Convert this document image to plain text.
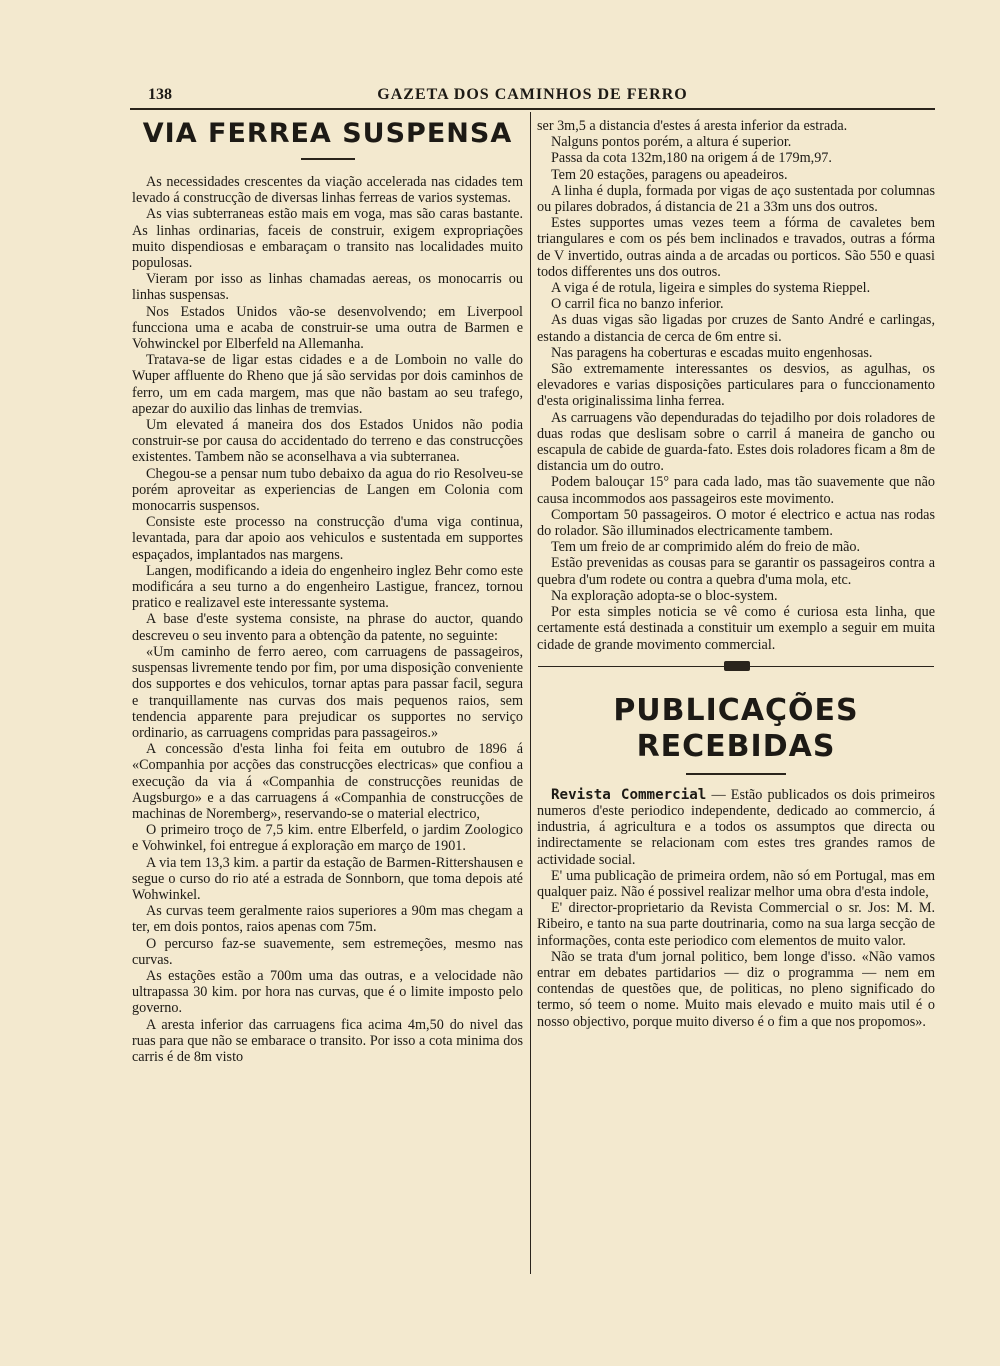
138	GAZETA DOS CAMINHOS DE FERRO
VIA FERREA SUSPENSA

As necessidades crescentes da viação accelerada nas cidades tem levado á construcção de diversas linhas ferreas de varios systemas.

As vias subterraneas estão mais em voga, mas são caras bastante. As linhas ordinarias, faceis de construir, exigem expropriações muito dispendiosas e embaraçam o transito nas localidades muito populosas.

Vieram por isso as linhas chamadas aereas, os monocarris ou linhas suspensas.

Nos Estados Unidos vão-se desenvolvendo; em Liverpool funcciona uma e acaba de construir-se uma outra de Barmen e Vohwinckel por Elberfeld na Allemanha.

Tratava-se de ligar estas cidades e a de Lomboin no valle do Wuper affluente do Rheno que já são servidas por dois caminhos de ferro, um em cada margem, mas que não bastam ao seu trafego, apezar do auxilio das linhas de tremvias.

Um elevated á maneira dos dos Estados Unidos não podia construir-se por causa do accidentado do terreno e das construcções existentes. Tambem não se aconselhava a via subterranea.

Chegou-se a pensar num tubo debaixo da agua do rio Resolveu-se porém aproveitar as experiencias de Langen em Colonia com monocarris suspensos.

Consiste este processo na construcção d'uma viga continua, levantada, para dar apoio aos vehiculos e sustentada em supportes espaçados, implantados nas margens.

Langen, modificando a ideia do engenheiro inglez Behr como este modificára a seu turno a do engenheiro Lastigue, francez, tornou pratico e realizavel este interessante systema.

A base d'este systema consiste, na phrase do auctor, quando descreveu o seu invento para a obtenção da patente, no seguinte:

«Um caminho de ferro aereo, com carruagens de passageiros, suspensas livremente tendo por fim, por uma disposição conveniente dos supportes e dos vehiculos, tornar aptas para passar facil, segura e tranquillamente nas curvas dos mais pequenos raios, sem tendencia apparente para prejudicar os supportes no serviço ordinario, as carruagens compridas para passageiros.»

A concessão d'esta linha foi feita em outubro de 1896 á «Companhia por acções das construcções electricas» que confiou a execução da via á «Companhia de construcções reunidas de Augsburgo» e a das carruagens á «Companhia de construcções de machinas de Noremberg», reservando-se o material electrico,

O primeiro troço de 7,5 kim. entre Elberfeld, o jardim Zoologico e Vohwinkel, foi entregue á exploração em março de 1901.

A via tem 13,3 kim. a partir da estação de Barmen-Rittershausen e segue o curso do rio até a estrada de Sonnborn, que toma depois até Wohwinkel.

As curvas teem geralmente raios superiores a 90m mas chegam a ter, em dois pontos, raios apenas com 75m.

O percurso faz-se suavemente, sem estremeções, mesmo nas curvas.

As estações estão a 700m uma das outras, e a velocidade não ultrapassa 30 kim. por hora nas curvas, que é o limite imposto pelo governo.

A aresta inferior das carruagens fica acima 4m,50 do nivel das ruas para que não se embarace o transito. Por isso a cota minima dos carris é de 8m visto

ser 3m,5 a distancia d'estes á aresta inferior da estrada.

Nalguns pontos porém, a altura é superior.

Passa da cota 132m,180 na origem á de 179m,97.

Tem 20 estações, paragens ou apeadeiros.

A linha é dupla, formada por vigas de aço sustentada por columnas ou pilares dobrados, á distancia de 21 a 33m uns dos outros.

Estes supportes umas vezes teem a fórma de cavaletes bem triangulares e com os pés bem inclinados e travados, outras a fórma de V invertido, outras ainda a de arcadas ou porticos. São 550 e quasi todos differentes uns dos outros.

A viga é de rotula, ligeira e simples do systema Rieppel.

O carril fica no banzo inferior.

As duas vigas são ligadas por cruzes de Santo André e carlingas, estando a distancia de cerca de 6m entre si.

Nas paragens ha coberturas e escadas muito engenhosas.

São extremamente interessantes os desvios, as agulhas, os elevadores e varias disposições particulares para o funccionamento d'esta originalissima linha ferrea.

As carruagens vão dependuradas do tejadilho por dois roladores de duas rodas que deslisam sobre o carril á maneira de gancho ou escapula de cabide de guarda-fato. Estes dois roladores ficam a 8m de distancia um do outro.

Podem balouçar 15° para cada lado, mas tão suavemente que não causa incommodos aos passageiros este movimento.

Comportam 50 passageiros. O motor é electrico e actua nas rodas do rolador. São illuminados electricamente tambem.

Tem um freio de ar comprimido além do freio de mão.

Estão prevenidas as cousas para se garantir os passageiros contra a quebra d'um rodete ou contra a quebra d'uma mola, etc.

Na exploração adopta-se o bloc-system.

Por esta simples noticia se vê como é curiosa esta linha, que certamente está destinada a constituir um exemplo a seguir em muita cidade de grande movimento commercial.

PUBLICAÇÕES RECEBIDAS

Revista Commercial — Estão publicados os dois primeiros numeros d'este periodico independente, dedicado ao commercio, á industria, á agricultura e a todos os assumptos que directa ou indirectamente se relacionam com estes tres grandes ramos de actividade social.

E' uma publicação de primeira ordem, não só em Portugal, mas em qualquer paiz. Não é possivel realizar melhor uma obra d'esta indole,

E' director-proprietario da Revista Commercial o sr. Jos: M. M. Ribeiro, e tanto na sua parte doutrinaria, como na sua larga secção de informações, conta este periodico com elementos de muito valor.

Não se trata d'um jornal politico, bem longe d'isso. «Não vamos entrar em debates partidarios — diz o programma — nem em contendas de questões que, de politicas, no pleno significado do termo, só teem o nome. Muito mais elevado e muito mais util é o nosso objectivo, porque muito diverso é o fim a que nos propomos».
